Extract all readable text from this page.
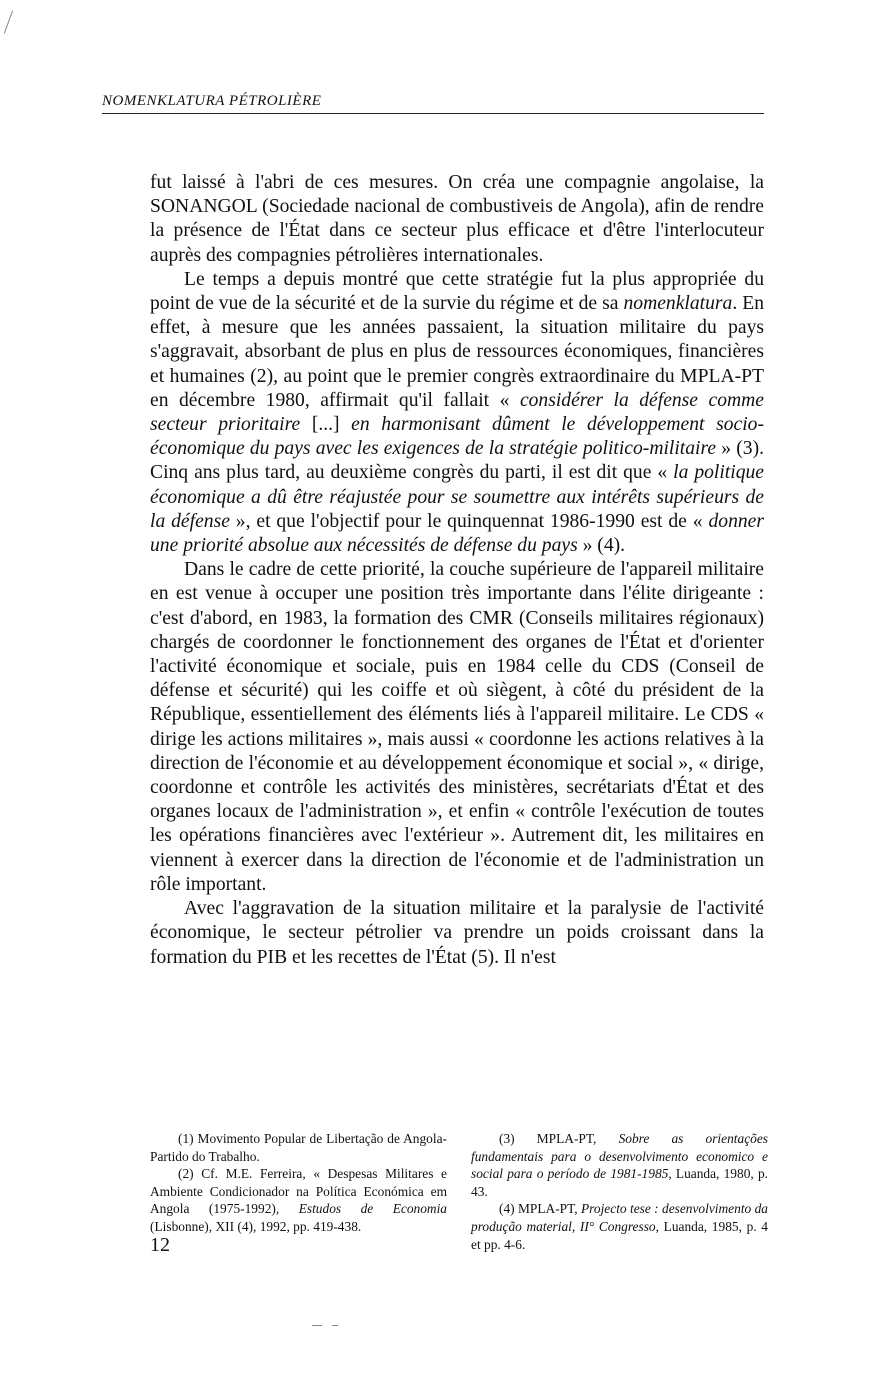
NOMENKLATURA PÉTROLIÈRE

fut laissé à l'abri de ces mesures. On créa une compagnie angolaise, la SONANGOL (Sociedade nacional de combustiveis de Angola), afin de rendre la présence de l'État dans ce secteur plus efficace et d'être l'interlocuteur auprès des compagnies pétrolières internationales.

Le temps a depuis montré que cette stratégie fut la plus appropriée du point de vue de la sécurité et de la survie du régime et de sa nomenklatura. En effet, à mesure que les années passaient, la situation militaire du pays s'aggravait, absorbant de plus en plus de ressources économiques, financières et humaines (2), au point que le premier congrès extraordinaire du MPLA-PT en décembre 1980, affirmait qu'il fallait « considérer la défense comme secteur prioritaire [...] en harmonisant dûment le développement socio-économique du pays avec les exigences de la stratégie politico-militaire » (3). Cinq ans plus tard, au deuxième congrès du parti, il est dit que « la politique économique a dû être réajustée pour se soumettre aux intérêts supérieurs de la défense », et que l'objectif pour le quinquennat 1986-1990 est de « donner une priorité absolue aux nécessités de défense du pays » (4).

Dans le cadre de cette priorité, la couche supérieure de l'appareil militaire en est venue à occuper une position très importante dans l'élite dirigeante : c'est d'abord, en 1983, la formation des CMR (Conseils militaires régionaux) chargés de coordonner le fonctionnement des organes de l'État et d'orienter l'activité économique et sociale, puis en 1984 celle du CDS (Conseil de défense et sécurité) qui les coiffe et où siègent, à côté du président de la République, essentiellement des éléments liés à l'appareil militaire. Le CDS « dirige les actions militaires », mais aussi « coordonne les actions relatives à la direction de l'économie et au développement économique et social », « dirige, coordonne et contrôle les activités des ministères, secrétariats d'État et des organes locaux de l'administration », et enfin « contrôle l'exécution de toutes les opérations financières avec l'extérieur ». Autrement dit, les militaires en viennent à exercer dans la direction de l'économie et de l'administration un rôle important.

Avec l'aggravation de la situation militaire et la paralysie de l'activité économique, le secteur pétrolier va prendre un poids croissant dans la formation du PIB et les recettes de l'État (5). Il n'est

(1) Movimento Popular de Libertação de Angola-Partido do Trabalho.

(2) Cf. M.E. Ferreira, « Despesas Militares e Ambiente Condicionador na Política Económica em Angola (1975-1992), Estudos de Economia (Lisbonne), XII (4), 1992, pp. 419-438.

(3) MPLA-PT, Sobre as orientações fundamentais para o desenvolvimento economico e social para o período de 1981-1985, Luanda, 1980, p. 43.

(4) MPLA-PT, Projecto tese : desenvolvimento da produção material, II° Congresso, Luanda, 1985, p. 4 et pp. 4-6.

12
